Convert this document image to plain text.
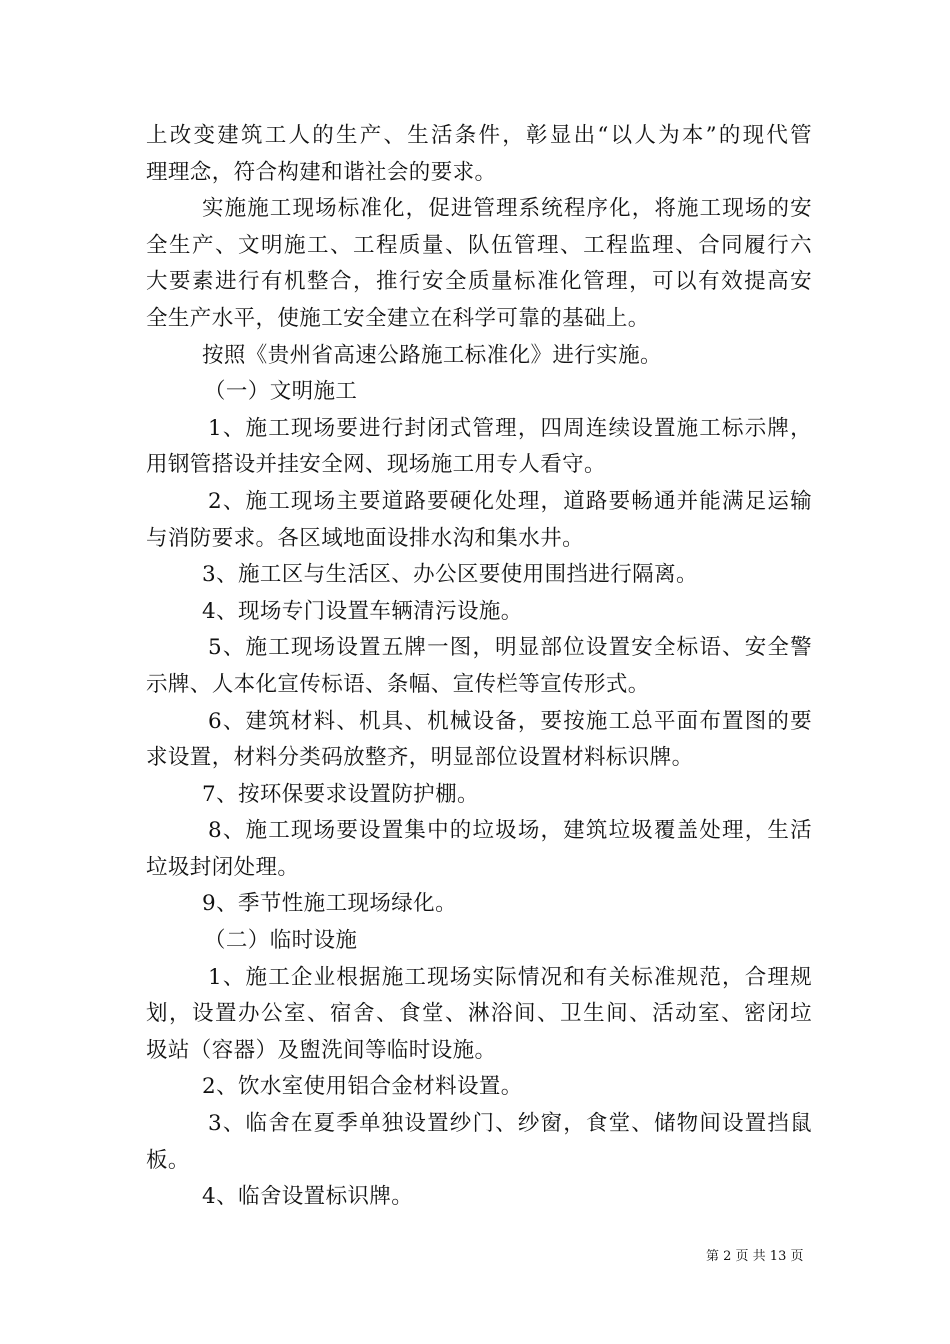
上改变建筑工人的生产、生活条件，彰显出“以人为本”的现代管
理理念，符合构建和谐社会的要求。
实施施工现场标准化，促进管理系统程序化，将施工现场的安
全生产、文明施工、工程质量、队伍管理、工程监理、合同履行六
大要素进行有机整合，推行安全质量标准化管理，可以有效提高安
全生产水平，使施工安全建立在科学可靠的基础上。
按照《贵州省高速公路施工标准化》进行实施。
（一）文明施工
1、施工现场要进行封闭式管理，四周连续设置施工标示牌，
用钢管搭设并挂安全网、现场施工用专人看守。
2、施工现场主要道路要硬化处理，道路要畅通并能满足运输
与消防要求。各区域地面设排水沟和集水井。
3、施工区与生活区、办公区要使用围挡进行隔离。
4、现场专门设置车辆清污设施。
5、施工现场设置五牌一图，明显部位设置安全标语、安全警
示牌、人本化宣传标语、条幅、宣传栏等宣传形式。
6、建筑材料、机具、机械设备，要按施工总平面布置图的要
求设置，材料分类码放整齐，明显部位设置材料标识牌。
7、按环保要求设置防护棚。
8、施工现场要设置集中的垃圾场，建筑垃圾覆盖处理，生活
垃圾封闭处理。
9、季节性施工现场绿化。
（二）临时设施
1、施工企业根据施工现场实际情况和有关标准规范，合理规
划，设置办公室、宿舍、食堂、淋浴间、卫生间、活动室、密闭垃
圾站（容器）及盥洗间等临时设施。
2、饮水室使用铝合金材料设置。
3、临舍在夏季单独设置纱门、纱窗，食堂、储物间设置挡鼠
板。
4、临舍设置标识牌。
第 2 页 共 13 页
